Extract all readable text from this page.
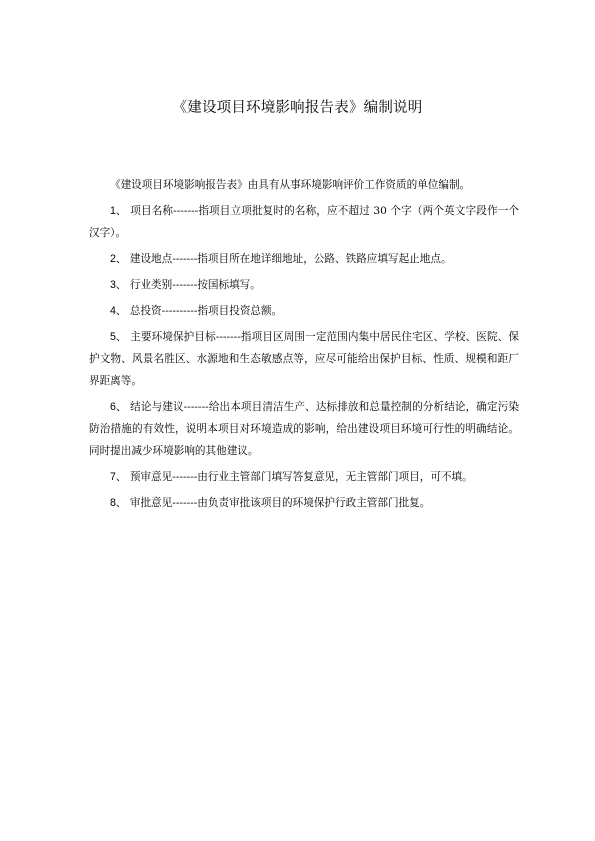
《建设项目环境影响报告表》编制说明

《建设项目环境影响报告表》由具有从事环境影响评价工作资质的单位编制。

1、 项目名称-------指项目立项批复时的名称，应不超过 30 个字（两个英文字段作一个汉字）。

2、 建设地点-------指项目所在地详细地址，公路、铁路应填写起止地点。

3、 行业类别-------按国标填写。

4、 总投资----------指项目投资总额。

5、 主要环境保护目标-------指项目区周围一定范围内集中居民住宅区、学校、医院、保护文物、风景名胜区、水源地和生态敏感点等，应尽可能给出保护目标、性质、规模和距厂界距离等。

6、 结论与建议-------给出本项目清洁生产、达标排放和总量控制的分析结论，确定污染防治措施的有效性，说明本项目对环境造成的影响，给出建设项目环境可行性的明确结论。同时提出减少环境影响的其他建议。

7、 预审意见-------由行业主管部门填写答复意见，无主管部门项目，可不填。

8、 审批意见-------由负责审批该项目的环境保护行政主管部门批复。
